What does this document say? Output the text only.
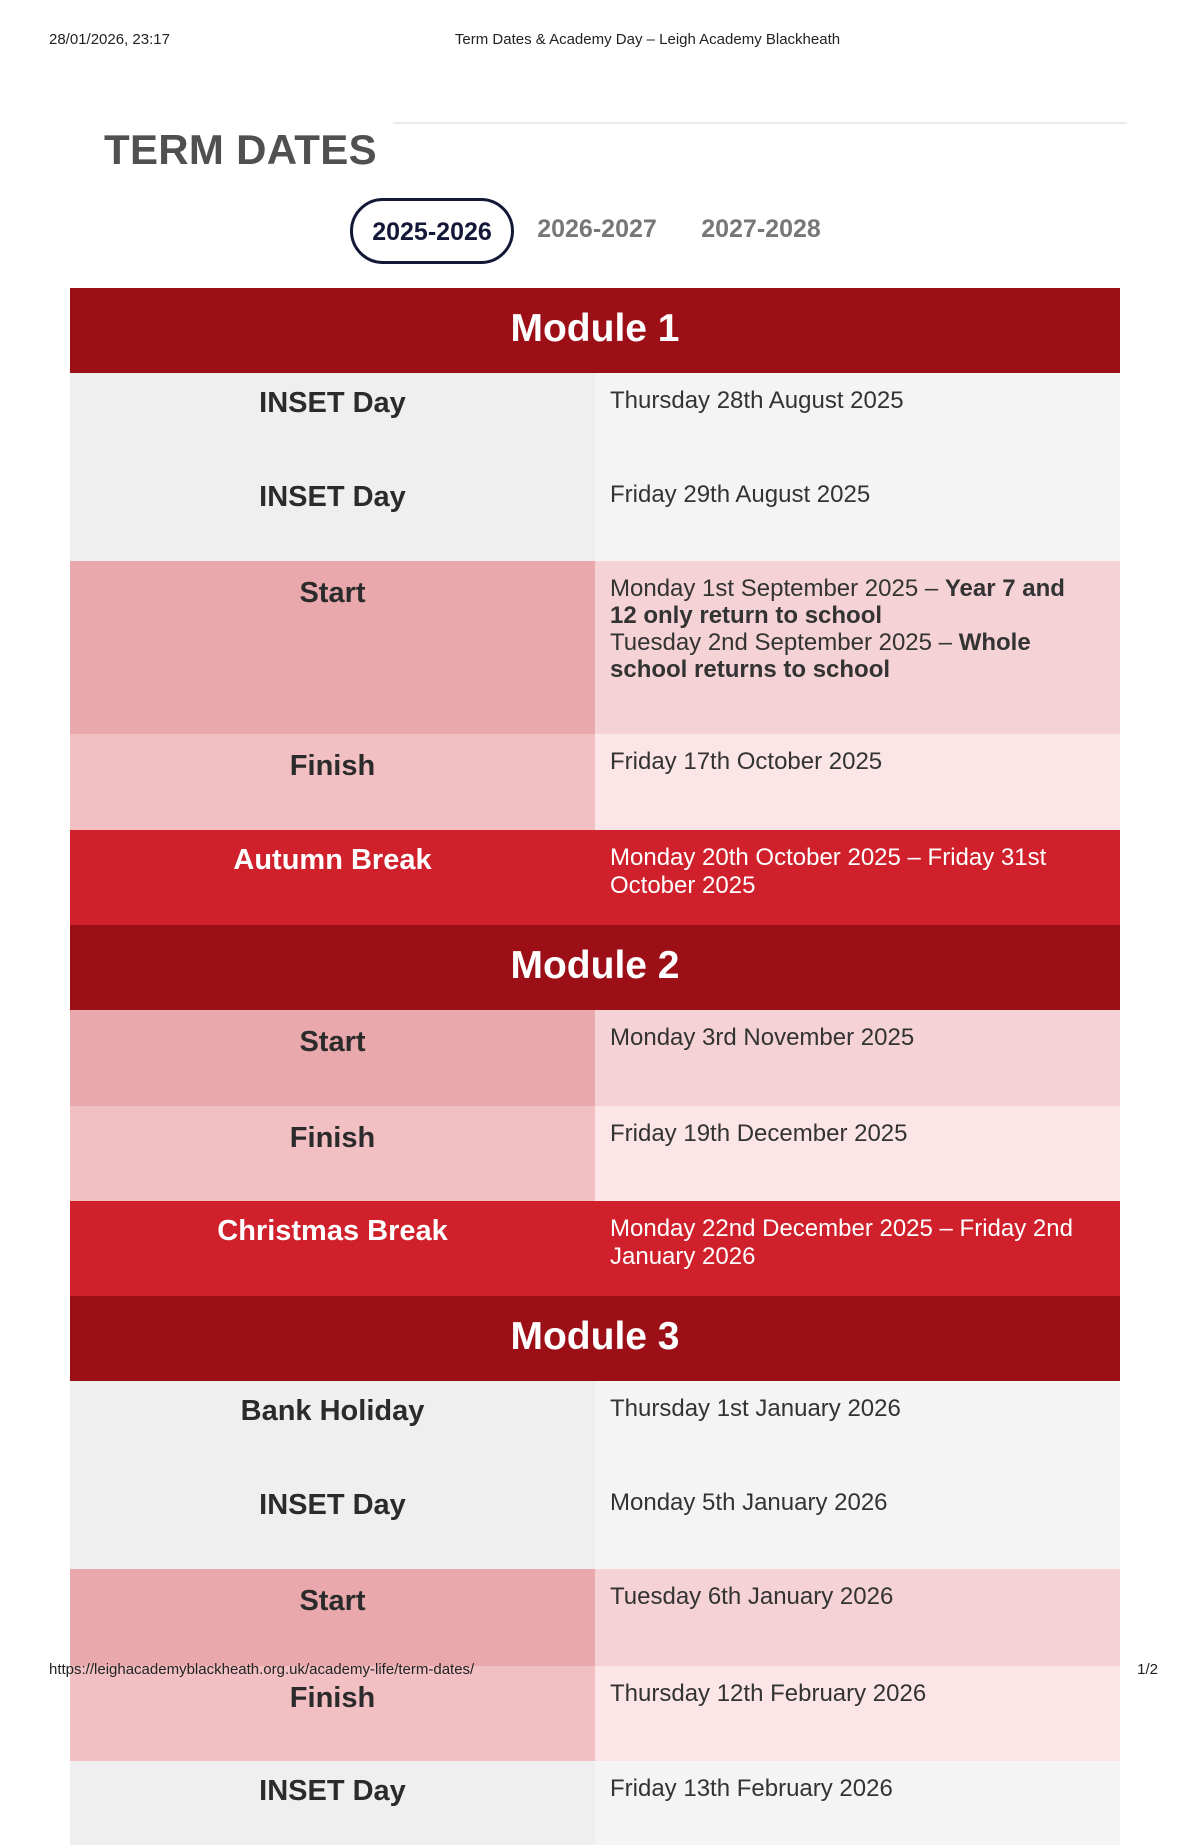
28/01/2026, 23:17	Term Dates & Academy Day – Leigh Academy Blackheath
TERM DATES
2025-2026	2026-2027	2027-2028
Module 1	
INSET Day	Thursday 28th August 2025
INSET Day	Friday 29th August 2025
Start	Monday 1st September 2025 – Year 7 and 12 only return to school
Tuesday 2nd September 2025 – Whole school returns to school

Finish	Friday 17th October 2025
Autumn Break	Monday 20th October 2025 – Friday 31st October 2025
Module 2	
Start	Monday 3rd November 2025
Finish	Friday 19th December 2025
Christmas Break	Monday 22nd December 2025 – Friday 2nd January 2026
Module 3	
Bank Holiday	Thursday 1st January 2026
INSET Day	Monday 5th January 2026
Start	Tuesday 6th January 2026
Finish	Thursday 12th February 2026
INSET Day	Friday 13th February 2026
https://leighacademyblackheath.org.uk/academy-life/term-dates/	1/2
